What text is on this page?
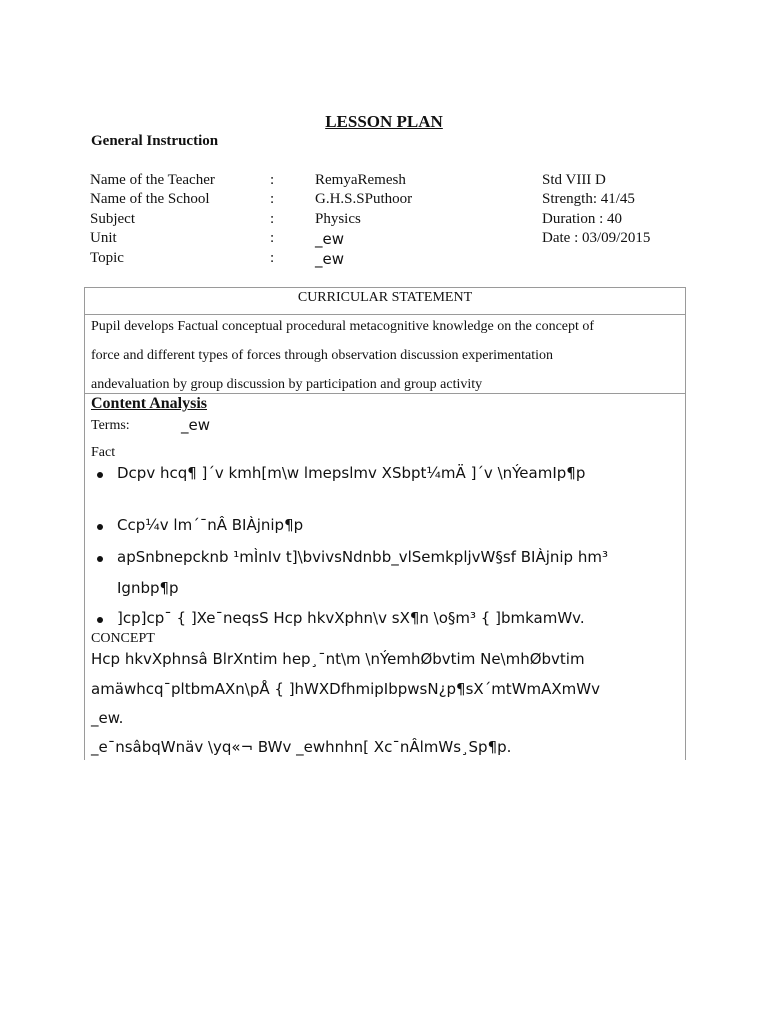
LESSON PLAN
General Instruction
Name of the Teacher	:	RemyaRemesh	Std VIII D
Name of the School	:	G.H.S.SPuthoor	Strength: 41/45
Subject	:	Physics	Duration : 40
Unit	:	_ew	Date : 03/09/2015
Topic	:	_ew
CURRICULAR STATEMENT
Pupil develops Factual conceptual procedural metacognitive knowledge on the concept of
force and different types of forces through observation discussion experimentation
andevaluation by group discussion by participation and group activity
Content Analysis
Terms:	_ew
Fact
Dcpv hcq¶ ]´v kmh[m\w lmepslmv XSbpt¼mÄ ]´v \nÝeamIp¶p
Ccp¼v lm´¯nÂ BIÀjnip¶p
apSnbnepcknb ¹mÌnIv t]\bvivsNdnbb_vlSemkpljvW§sf BIÀjnip hm³
Ignbp¶p
]cp]cp¯ { ]Xe¯neqsS Hcp hkvXphn\v sX¶n \o§m³ { ]bmkamWv.
CONCEPT
Hcp hkvXphnsâ BlrXntim hep¸¯nt\m \nÝemhØbvtim Ne\mhØbvtim
amäwhcq¯pltbmAXn\pÅ { ]hWXDfhmipIbpwsN¿p¶sX´mtWmAXmWv
_ew.
_e¯nsâbqWnäv \yq«¬ BWv _ewhnhn[ Xc¯nÂlmWs¸Sp¶p.
